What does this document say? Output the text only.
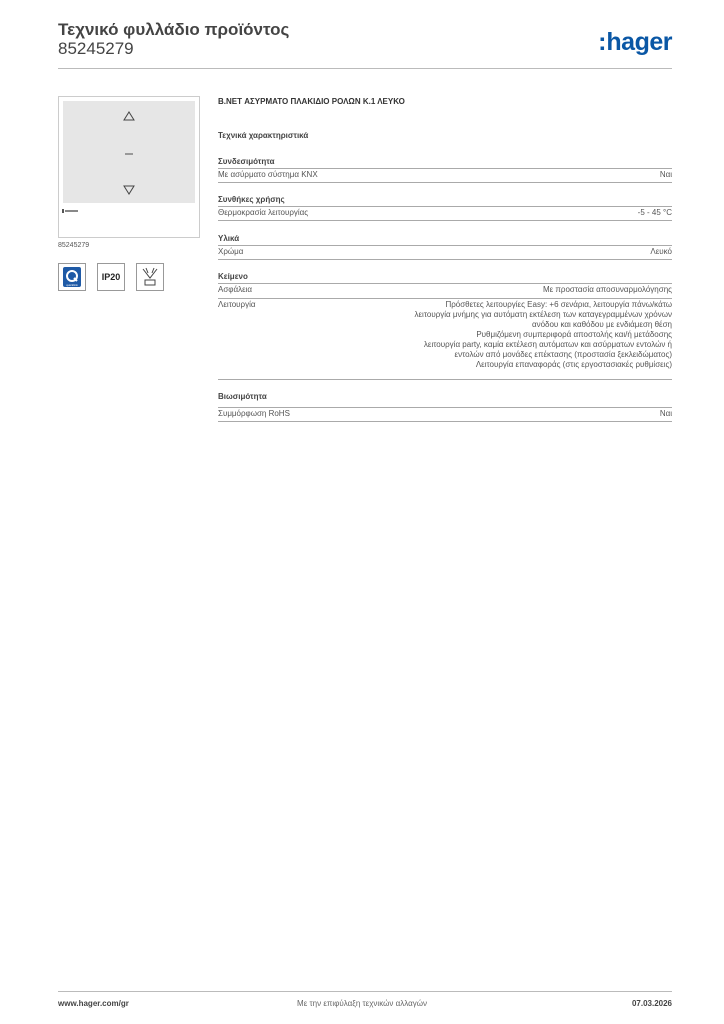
Τεχνικό φυλλάδιο προϊόντος
85245279	:hager
85245279
quicklink
IP20
B.NET ΑΣΥΡΜΑΤΟ ΠΛΑΚΙΔΙΟ ΡΟΛΩΝ Κ.1 ΛΕΥΚΟ
Τεχνικά χαρακτηριστικά
Συνδεσιμότητα
Με ασύρματο σύστημα KNX	Ναι
Συνθήκες χρήσης
Θερμοκρασία λειτουργίας	-5 - 45 °C
Υλικά
Χρώμα	Λευκό
Κείμενο
Ασφάλεια	Με προστασία αποσυναρμολόγησης
Λειτουργία	Πρόσθετες λειτουργίες Easy: +6 σενάρια, λειτουργία πάνω/κάτω
λειτουργία μνήμης για αυτόματη εκτέλεση των καταγεγραμμένων χρόνων
ανόδου και καθόδου με ενδιάμεση θέση
Ρυθμιζόμενη συμπεριφορά αποστολής και/ή μετάδοσης
λειτουργία party, καμία εκτέλεση αυτόματων και ασύρματων εντολών ή
εντολών από μονάδες επέκτασης (προστασία ξεκλειδώματος)
Λειτουργία επαναφοράς (στις εργοστασιακές ρυθμίσεις)
Βιωσιμότητα
Συμμόρφωση RoHS	Ναι
www.hager.com/gr	Με την επιφύλαξη τεχνικών αλλαγών	07.03.2026
